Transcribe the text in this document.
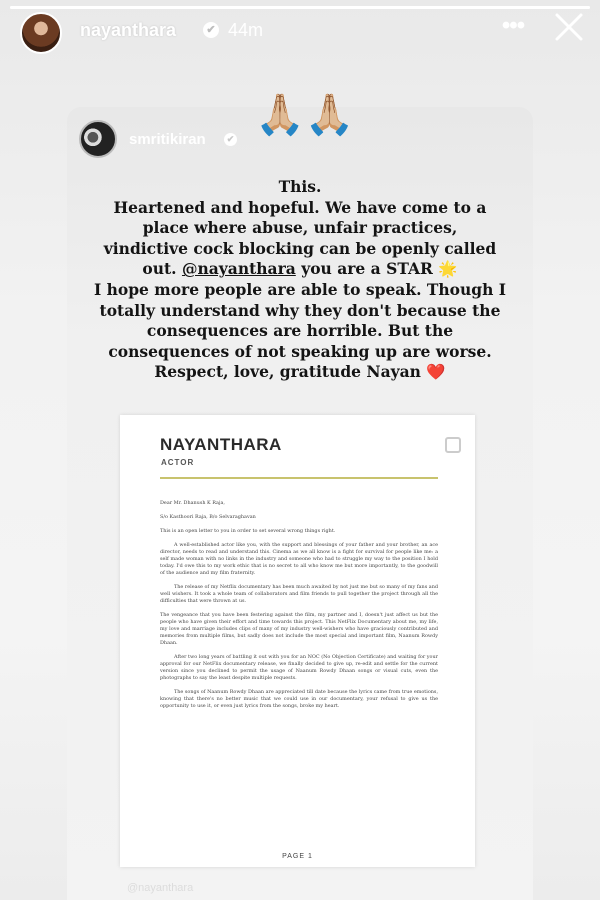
nayanthara	✔ 44m	•••
smritikiran	✔
🙏🏼🙏🏼
This.
Heartened and hopeful. We have come to a
place where abuse, unfair practices,
vindictive cock blocking can be openly called
out. @nayanthara you are a STAR 🌟
I hope more people are able to speak. Though I
totally understand why they don't because the
consequences are horrible. But the
consequences of not speaking up are worse.
Respect, love, gratitude Nayan ❤️
NAYANTHARA
ACTOR

Dear Mr. Dhanush K Raja,

S/o Kasthoori Raja, B/o Selvaraghavan

This is an open letter to you in order to set several wrong things right.

A well-established actor like you, with the support and blessings of your father and your brother, an ace director, needs to read and understand this. Cinema as we all know is a fight for survival for people like me: a self made woman with no links in the industry and someone who had to struggle my way to the position I hold today. I'd owe this to my work ethic that is no secret to all who know me but more importantly, to the goodwill of the audience and my film fraternity.

The release of my Netflix documentary has been much awaited by not just me but so many of my fans and well wishers. It took a whole team of collaborators and film friends to pull together the project through all the difficulties that were thrown at us.

The vengeance that you have been festering against the film, my partner and I, doesn't just affect us but the people who have given their effort and time towards this project. This NetFlix Documentary about me, my life, my love and marriage includes clips of many of my industry well-wishers who have graciously contributed and memories from multiple films, but sadly does not include the most special and important film, Naanum Rowdy Dhaan.

After two long years of battling it out with you for an NOC (No Objection Certificate) and waiting for your approval for our NetFlix documentary release, we finally decided to give up, re-edit and settle for the current version since you declined to permit the usage of Naanum Rowdy Dhaan songs or visual cuts, even the photographs to say the least despite multiple requests.

The songs of Naanum Rowdy Dhaan are appreciated till date because the lyrics came from true emotions, knowing that there's no better music that we could use in our documentary, your refusal to give us the opportunity to use it, or even just lyrics from the songs, broke my heart.

PAGE 1
@nayanthara
